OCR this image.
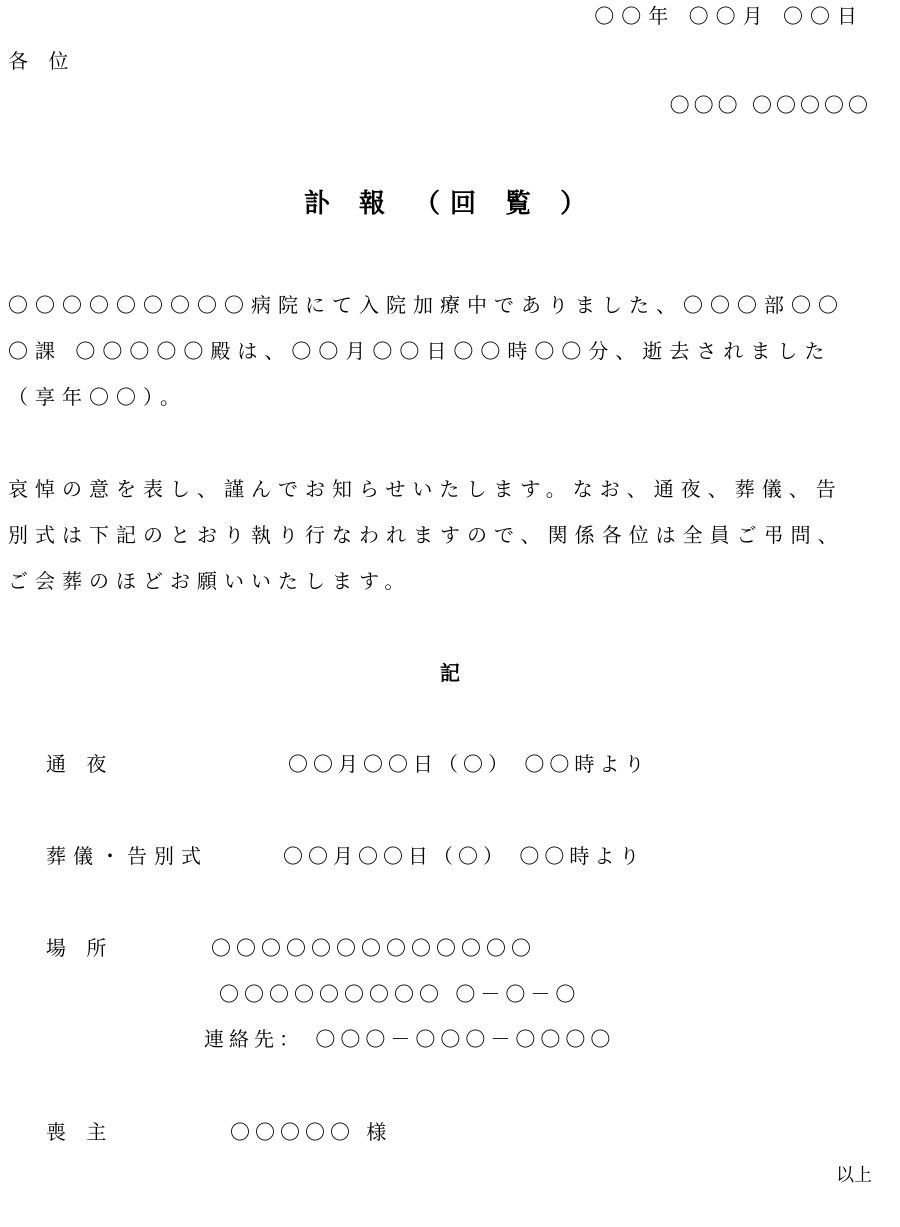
〇〇年 〇〇月 〇〇日
各 位
〇〇〇 〇〇〇〇〇
訃 報 （回 覧 ）

〇〇〇〇〇〇〇〇〇病院にて入院加療中でありました、〇〇〇部〇〇

〇課 〇〇〇〇〇殿は、〇〇月〇〇日〇〇時〇〇分、逝去されました

（享年〇〇）。

哀悼の意を表し、謹んでお知らせいたします。なお、通夜、葬儀、告

別式は下記のとおり執り行なわれますので、関係各位は全員ご弔問、

ご会葬のほどお願いいたします。

記
通 夜	〇〇月〇〇日（〇） 〇〇時より
葬儀・告別式	〇〇月〇〇日（〇） 〇〇時より
場 所	〇〇〇〇〇〇〇〇〇〇〇〇〇
〇〇〇〇〇〇〇〇〇 〇－〇－〇
連絡先： 〇〇〇－〇〇〇－〇〇〇〇
喪 主	〇〇〇〇〇 様
以上
